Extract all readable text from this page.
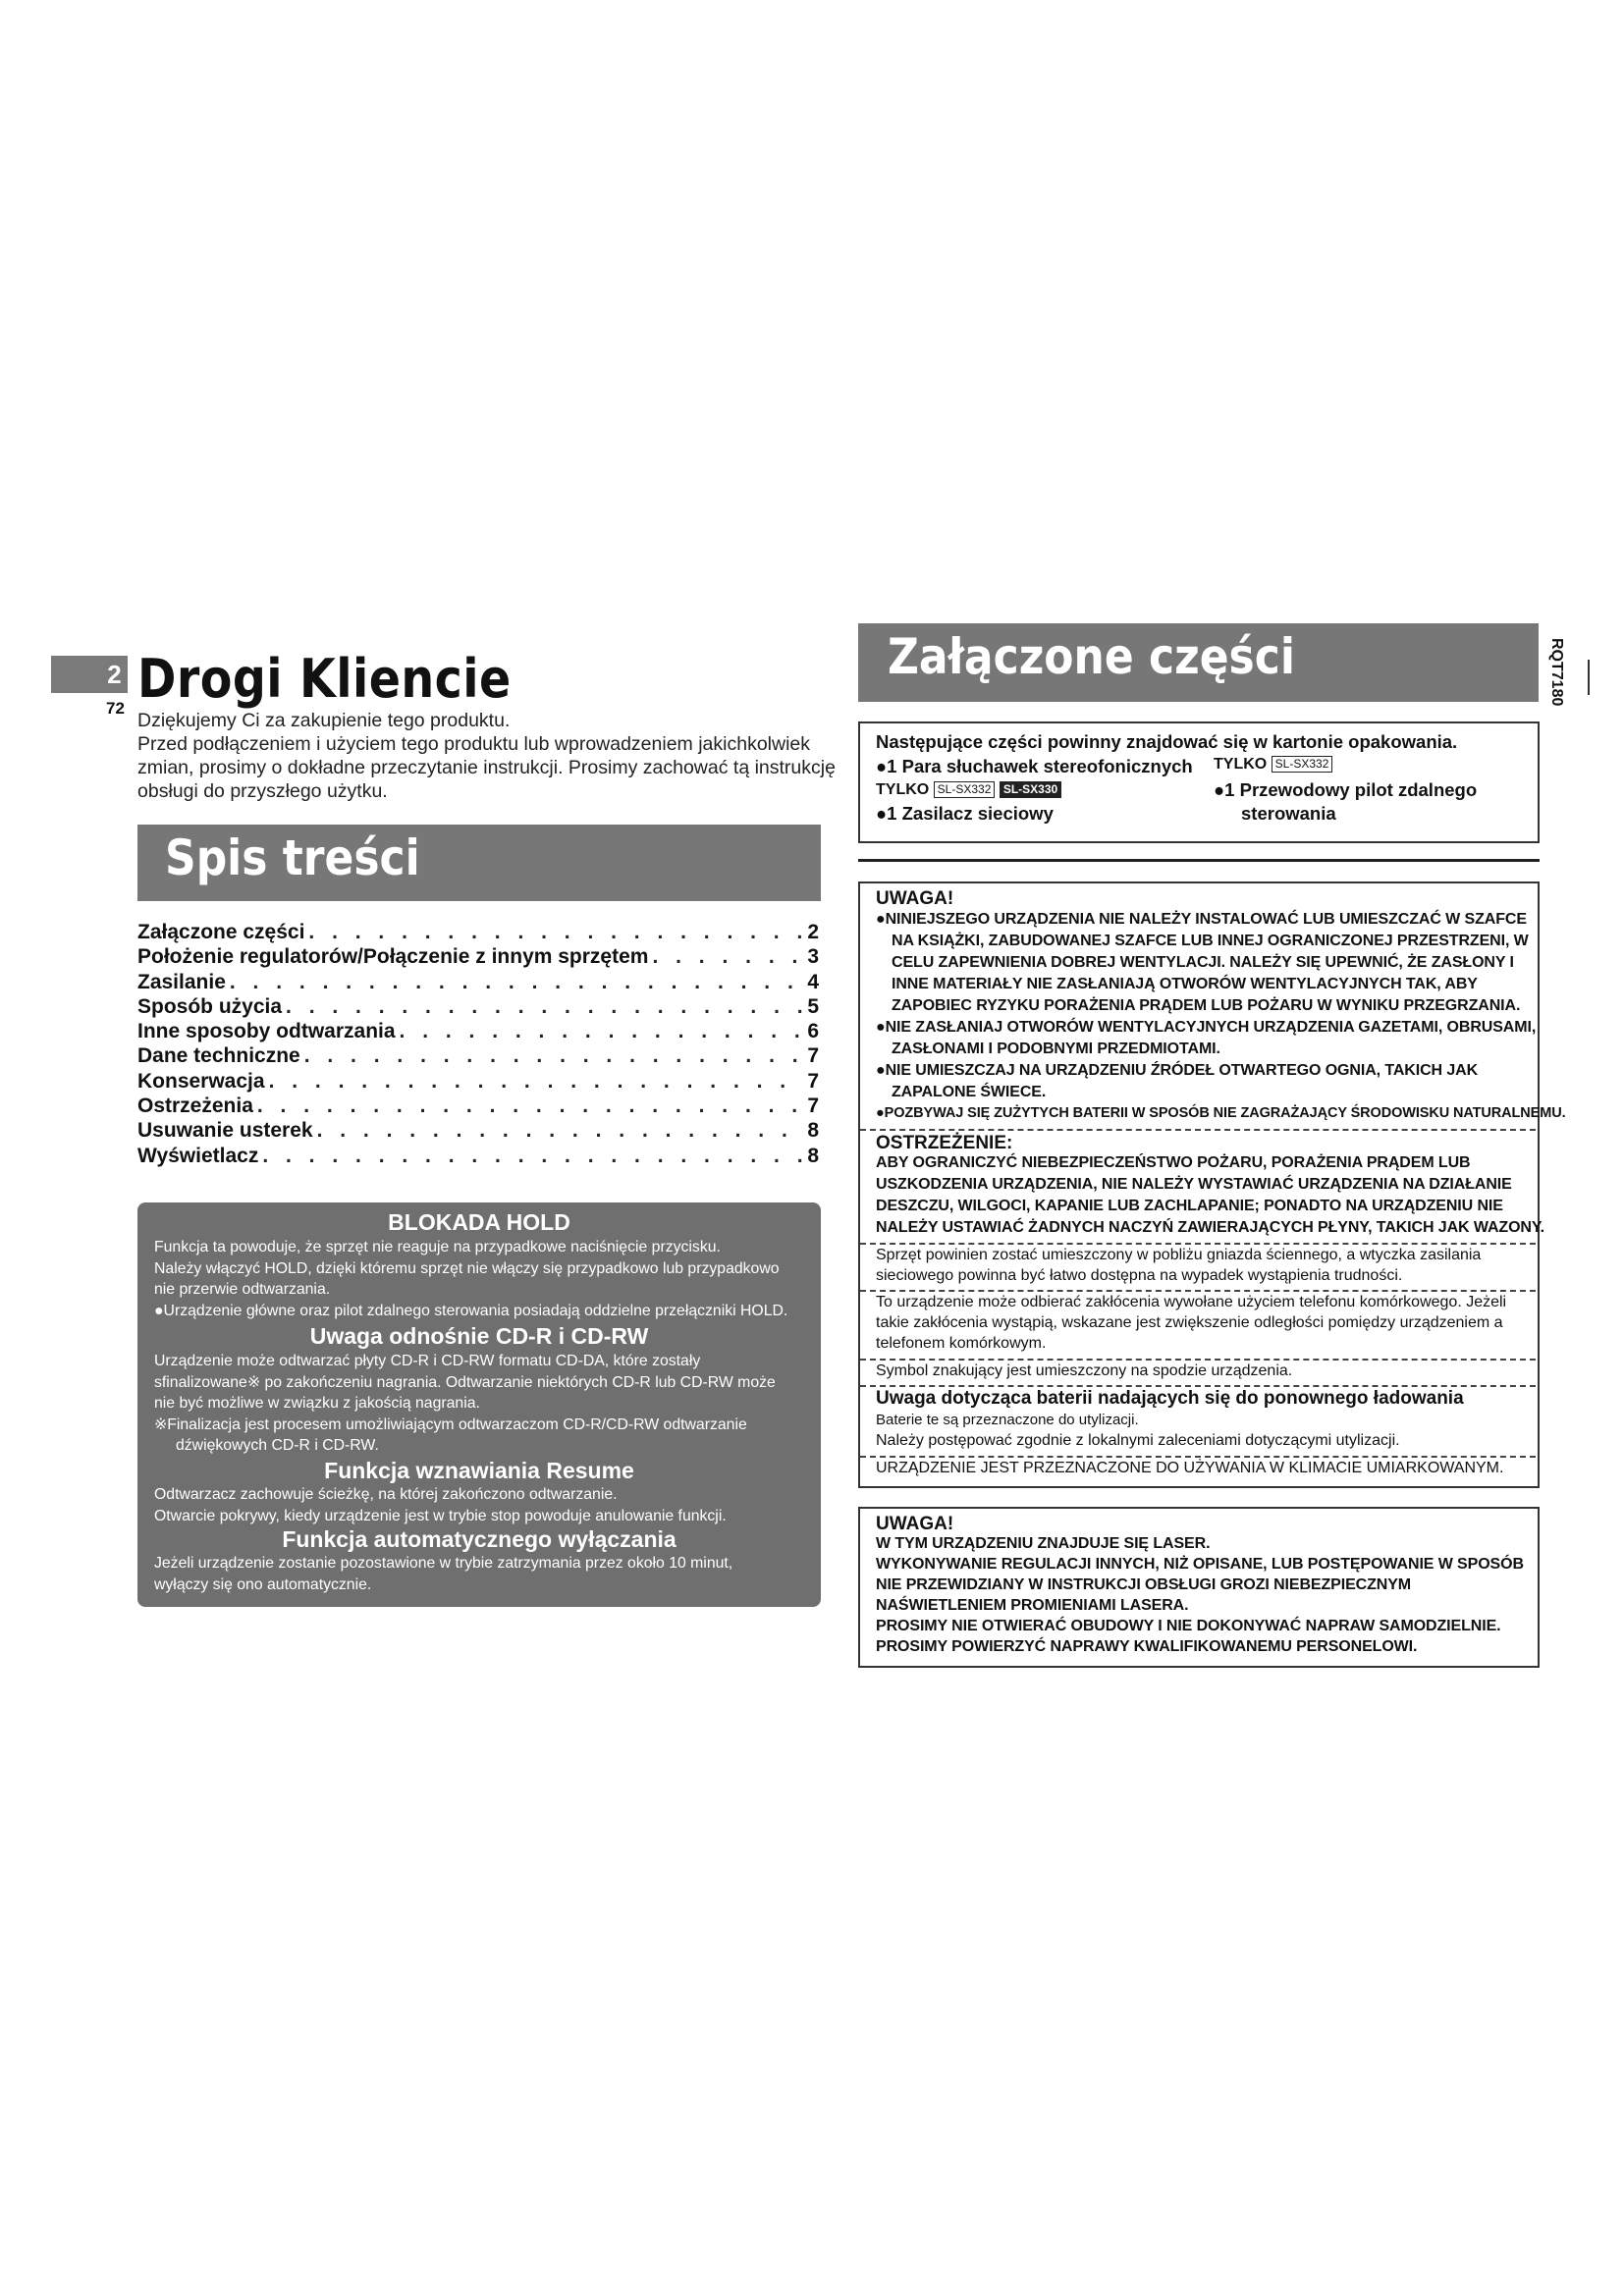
2
72 Drogi Kliencie
Dziękujemy Ci za zakupienie tego produktu.
Przed podłączeniem i użyciem tego produktu lub wprowadzeniem jakichkolwiek
zmian, prosimy o dokładne przeczytanie instrukcji. Prosimy zachować tą instrukcję
obsługi do przyszłego użytku.
Spis treści
Załączone części . . .	2
Położenie regulatorów/Połączenie z innym sprzętem . . .	3
Zasilanie . . .	4
Sposób użycia . . .	5
Inne sposoby odtwarzania . . .	6
Dane techniczne . . .	7
Konserwacja . . .	7
Ostrzeżenia . . .	7
Usuwanie usterek . . .	8
Wyświetlacz . . .	8
BLOKADA HOLD
Funkcja ta powoduje, że sprzęt nie reaguje na przypadkowe naciśnięcie przycisku.
Należy włączyć HOLD, dzięki któremu sprzęt nie włączy się przypadkowo lub przypadkowo
nie przerwie odtwarzania.
●Urządzenie główne oraz pilot zdalnego sterowania posiadają oddzielne przełączniki HOLD.
Uwaga odnośnie CD-R i CD-RW
Urządzenie może odtwarzać płyty CD-R i CD-RW formatu CD-DA, które zostały
sfinalizowane※ po zakończeniu nagrania. Odtwarzanie niektórych CD-R lub CD-RW może
nie być możliwe w związku z jakością nagrania.
※Finalizacja jest procesem umożliwiającym odtwarzaczom CD-R/CD-RW odtwarzanie
dźwiękowych CD-R i CD-RW.
Funkcja wznawiania Resume
Odtwarzacz zachowuje ścieżkę, na której zakończono odtwarzanie.
Otwarcie pokrywy, kiedy urządzenie jest w trybie stop powoduje anulowanie funkcji.
Funkcja automatycznego wyłączania
Jeżeli urządzenie zostanie pozostawione w trybie zatrzymania przez około 10 minut,
wyłączy się ono automatycznie.
Załączone części	RQT7180
Następujące części powinny znajdować się w kartonie opakowania.
●1 Para słuchawek stereofonicznych TYLKO SL-SX332
TYLKO SL-SX332 SL-SX330	●1 Przewodowy pilot zdalnego
sterowania
●1 Zasilacz sieciowy
UWAGA!
●NINIEJSZEGO URZĄDZENIA NIE NALEŻY INSTALOWAĆ LUB UMIESZCZAĆ W SZAFCE
NA KSIĄŻKI, ZABUDOWANEJ SZAFCE LUB INNEJ OGRANICZONEJ PRZESTRZENI, W
CELU ZAPEWNIENIA DOBREJ WENTYLACJI. NALEŻY SIĘ UPEWNIĆ, ŻE ZASŁONY I
INNE MATERIAŁY NIE ZASŁANIAJĄ OTWORÓW WENTYLACYJNYCH TAK, ABY
ZAPOBIEC RYZYKU PORAŻENIA PRĄDEM LUB POŻARU W WYNIKU PRZEGRZANIA.
●NIE ZASŁANIAJ OTWORÓW WENTYLACYJNYCH URZĄDZENIA GAZETAMI, OBRUSAMI,
ZASŁONAMI I PODOBNYMI PRZEDMIOTAMI.
●NIE UMIESZCZAJ NA URZĄDZENIU ŹRÓDEŁ OTWARTEGO OGNIA, TAKICH JAK
ZAPALONE ŚWIECE.
●POZBYWAJ SIĘ ZUŻYTYCH BATERII W SPOSÓB NIE ZAGRAŻAJĄCY ŚRODOWISKU NATURALNEMU.
OSTRZEŻENIE:
ABY OGRANICZYĆ NIEBEZPIECZEŃSTWO POŻARU, PORAŻENIA PRĄDEM LUB
USZKODZENIA URZĄDZENIA, NIE NALEŻY WYSTAWIAĆ URZĄDZENIA NA DZIAŁANIE
DESZCZU, WILGOCI, KAPANIE LUB ZACHLAPANIE; PONADTO NA URZĄDZENIU NIE
NALEŻY USTAWIAĆ ŻADNYCH NACZYŃ ZAWIERAJĄCYCH PŁYNY, TAKICH JAK WAZONY.
Sprzęt powinien zostać umieszczony w pobliżu gniazda ściennego, a wtyczka zasilania
sieciowego powinna być łatwo dostępna na wypadek wystąpienia trudności.
To urządzenie może odbierać zakłócenia wywołane użyciem telefonu komórkowego. Jeżeli
takie zakłócenia wystąpią, wskazane jest zwiększenie odległości pomiędzy urządzeniem a
telefonem komórkowym.
Symbol znakujący jest umieszczony na spodzie urządzenia.
Uwaga dotycząca baterii nadających się do ponownego ładowania
Baterie te są przeznaczone do utylizacji.
Należy postępować zgodnie z lokalnymi zaleceniami dotyczącymi utylizacji.
URZĄDZENIE JEST PRZEZNACZONE DO UŻYWANIA W KLIMACIE UMIARKOWANYM.
UWAGA!
W TYM URZĄDZENIU ZNAJDUJE SIĘ LASER.
WYKONYWANIE REGULACJI INNYCH, NIŻ OPISANE, LUB POSTĘPOWANIE W SPOSÓB
NIE PRZEWIDZIANY W INSTRUKCJI OBSŁUGI GROZI NIEBEZPIECZNYM
NAŚWIETLENIEM PROMIENIAMI LASERA.
PROSIMY NIE OTWIERAĆ OBUDOWY I NIE DOKONYWAĆ NAPRAW SAMODZIELNIE.
PROSIMY POWIERZYĆ NAPRAWY KWALIFIKOWANEMU PERSONELOWI.
